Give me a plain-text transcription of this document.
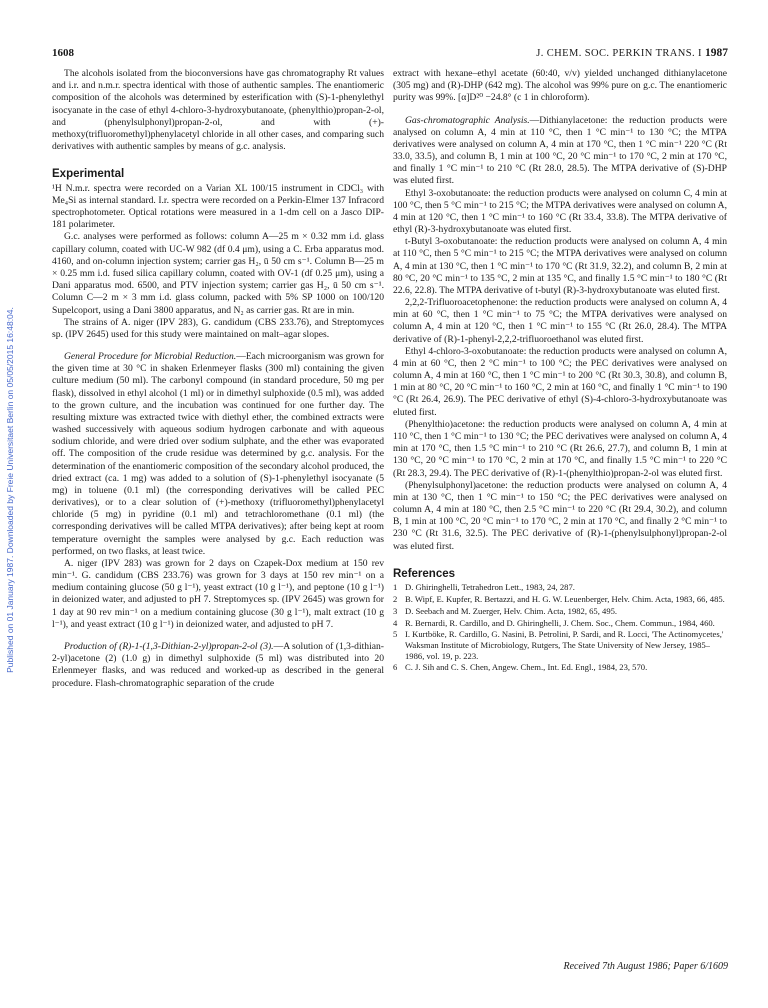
1608	J. CHEM. SOC. PERKIN TRANS. I 1987
Published on 01 January 1987. Downloaded by Freie Universitaet Berlin on 05/05/2015 16:48:04.

The alcohols isolated from the bioconversions have gas chromatography Rt values and i.r. and n.m.r. spectra identical with those of authentic samples. The enantiomeric composition of the alcohols was determined by esterification with (S)-1-phenylethyl isocyanate in the case of ethyl 4-chloro-3-hydroxybutanoate, (phenylthio)propan-2-ol, and (phenylsulphonyl)propan-2-ol, and with (+)-methoxy(trifluoromethyl)phenylacetyl chloride in all other cases, and comparing such derivatives with authentic samples by means of g.c. analysis.

Experimental

¹H N.m.r. spectra were recorded on a Varian XL 100/15 instrument in CDCl₃ with Me₄Si as internal standard. I.r. spectra were recorded on a Perkin-Elmer 137 Infracord spectrophotometer. Optical rotations were measured in a 1-dm cell on a Jasco DIP-181 polarimeter.

G.c. analyses were performed as follows: column A—25 m × 0.32 mm i.d. glass capillary column, coated with UC-W 982 (df 0.4 μm), using a C. Erba apparatus mod. 4160, and on-column injection system; carrier gas H₂, ū 50 cm s⁻¹. Column B—25 m × 0.25 mm i.d. fused silica capillary column, coated with OV-1 (df 0.25 μm), using a Dani apparatus mod. 6500, and PTV injection system; carrier gas H₂, ū 50 cm s⁻¹. Column C—2 m × 3 mm i.d. glass column, packed with 5% SP 1000 on 100/120 Supelcoport, using a Dani 3800 apparatus, and N₂ as carrier gas. Rt are in min.

The strains of A. niger (IPV 283), G. candidum (CBS 233.76), and Streptomyces sp. (IPV 2645) used for this study were maintained on malt–agar slopes.

General Procedure for Microbial Reduction.—Each microorganism was grown for the given time at 30 °C in shaken Erlenmeyer flasks (300 ml) containing the given culture medium (50 ml). The carbonyl compound (in standard procedure, 50 mg per flask), dissolved in ethyl alcohol (1 ml) or in dimethyl sulphoxide (0.5 ml), was added to the grown culture, and the incubation was continued for one further day. The resulting mixture was extracted twice with diethyl ether, the combined extracts were washed successively with aqueous sodium hydrogen carbonate and with aqueous sodium chloride, and were dried over sodium sulphate, and the ether was evaporated off. The composition of the crude residue was determined by g.c. analysis. For the determination of the enantiomeric composition of the secondary alcohol produced, the dried extract (ca. 1 mg) was added to a solution of (S)-1-phenylethyl isocyanate (5 mg) in toluene (0.1 ml) (the corresponding derivatives will be called PEC derivatives), or to a clear solution of (+)-methoxy (trifluoromethyl)phenylacetyl chloride (5 mg) in pyridine (0.1 ml) and tetrachloromethane (0.1 ml) (the corresponding derivatives will be called MTPA derivatives); after being kept at room temperature overnight the samples were analysed by g.c. Each reduction was performed, on two flasks, at least twice.

A. niger (IPV 283) was grown for 2 days on Czapek-Dox medium at 150 rev min⁻¹. G. candidum (CBS 233.76) was grown for 3 days at 150 rev min⁻¹ on a medium containing glucose (50 g l⁻¹), yeast extract (10 g l⁻¹), and peptone (10 g l⁻¹) in deionized water, and adjusted to pH 7. Streptomyces sp. (IPV 2645) was grown for 1 day at 90 rev min⁻¹ on a medium containing glucose (30 g l⁻¹), malt extract (10 g l⁻¹), and yeast extract (10 g l⁻¹) in deionized water, and adjusted to pH 7.

Production of (R)-1-(1,3-Dithian-2-yl)propan-2-ol (3).—A solution of (1,3-dithian-2-yl)acetone (2) (1.0 g) in dimethyl sulphoxide (5 ml) was distributed into 20 Erlenmeyer flasks, and was reduced and worked-up as described in the general procedure. Flash-chromatographic separation of the crude

extract with hexane–ethyl acetate (60:40, v/v) yielded unchanged dithianylacetone (305 mg) and (R)-DHP (642 mg). The alcohol was 99% pure on g.c. The enantiomeric purity was 99%. [α]D²⁰ −24.8° (c 1 in chloroform).

Gas-chromatographic Analysis.—Dithianylacetone: the reduction products were analysed on column A, 4 min at 110 °C, then 1 °C min⁻¹ to 130 °C; the MTPA derivatives were analysed on column A, 4 min at 170 °C, then 1 °C min⁻¹ 220 °C (Rt 33.0, 33.5), and column B, 1 min at 100 °C, 20 °C min⁻¹ to 170 °C, 2 min at 170 °C, and finally 1 °C min⁻¹ to 210 °C (Rt 28.0, 28.5). The MTPA derivative of (S)-DHP was eluted first.

Ethyl 3-oxobutanoate: the reduction products were analysed on column C, 4 min at 100 °C, then 5 °C min⁻¹ to 215 °C; the MTPA derivatives were analysed on column A, 4 min at 120 °C, then 1 °C min⁻¹ to 160 °C (Rt 33.4, 33.8). The MTPA derivative of ethyl (R)-3-hydroxybutanoate was eluted first.

t-Butyl 3-oxobutanoate: the reduction products were analysed on column A, 4 min at 110 °C, then 5 °C min⁻¹ to 215 °C; the MTPA derivatives were analysed on column A, 4 min at 130 °C, then 1 °C min⁻¹ to 170 °C (Rt 31.9, 32.2), and column B, 2 min at 80 °C, 20 °C min⁻¹ to 135 °C, 2 min at 135 °C, and finally 1.5 °C min⁻¹ to 180 °C (Rt 22.6, 22.8). The MTPA derivative of t-butyl (R)-3-hydroxybutanoate was eluted first.

2,2,2-Trifluoroacetophenone: the reduction products were analysed on column A, 4 min at 60 °C, then 1 °C min⁻¹ to 75 °C; the MTPA derivatives were analysed on column A, 4 min at 120 °C, then 1 °C min⁻¹ to 155 °C (Rt 26.0, 28.4). The MTPA derivative of (R)-1-phenyl-2,2,2-trifluoroethanol was eluted first.

Ethyl 4-chloro-3-oxobutanoate: the reduction products were analysed on column A, 4 min at 60 °C, then 2 °C min⁻¹ to 100 °C; the PEC derivatives were analysed on column A, 4 min at 160 °C, then 1 °C min⁻¹ to 200 °C (Rt 30.3, 30.8), and column B, 1 min at 80 °C, 20 °C min⁻¹ to 160 °C, 2 min at 160 °C, and finally 1 °C min⁻¹ to 190 °C (Rt 26.4, 26.9). The PEC derivative of ethyl (S)-4-chloro-3-hydroxybutanoate was eluted first.

(Phenylthio)acetone: the reduction products were analysed on column A, 4 min at 110 °C, then 1 °C min⁻¹ to 130 °C; the PEC derivatives were analysed on column A, 4 min at 170 °C, then 1.5 °C min⁻¹ to 210 °C (Rt 26.6, 27.7), and column B, 1 min at 130 °C, 20 °C min⁻¹ to 170 °C, 2 min at 170 °C, and finally 1.5 °C min⁻¹ to 220 °C (Rt 28.3, 29.4). The PEC derivative of (R)-1-(phenylthio)propan-2-ol was eluted first.

(Phenylsulphonyl)acetone: the reduction products were analysed on column A, 4 min at 130 °C, then 1 °C min⁻¹ to 150 °C; the PEC derivatives were analysed on column A, 4 min at 180 °C, then 2.5 °C min⁻¹ to 220 °C (Rt 29.4, 30.2), and column B, 1 min at 100 °C, 20 °C min⁻¹ to 170 °C, 2 min at 170 °C, and finally 2 °C min⁻¹ to 230 °C (Rt 31.6, 32.5). The PEC derivative of (R)-1-(phenylsulphonyl)propan-2-ol was eluted first.

References
1 D. Ghiringhelli, Tetrahedron Lett., 1983, 24, 287.
2 B. Wipf, E. Kupfer, R. Bertazzi, and H. G. W. Leuenberger, Helv. Chim. Acta, 1983, 66, 485.
3 D. Seebach and M. Zuerger, Helv. Chim. Acta, 1982, 65, 495.
4 R. Bernardi, R. Cardillo, and D. Ghiringhelli, J. Chem. Soc., Chem. Commun., 1984, 460.
5 I. Kurtböke, R. Cardillo, G. Nasini, B. Petrolini, P. Sardi, and R. Locci, 'The Actinomycetes,' Waksman Institute of Microbiology, Rutgers, The State University of New Jersey, 1985–1986, vol. 19, p. 223.
6 C. J. Sih and C. S. Chen, Angew. Chem., Int. Ed. Engl., 1984, 23, 570.
Received 7th August 1986; Paper 6/1609
